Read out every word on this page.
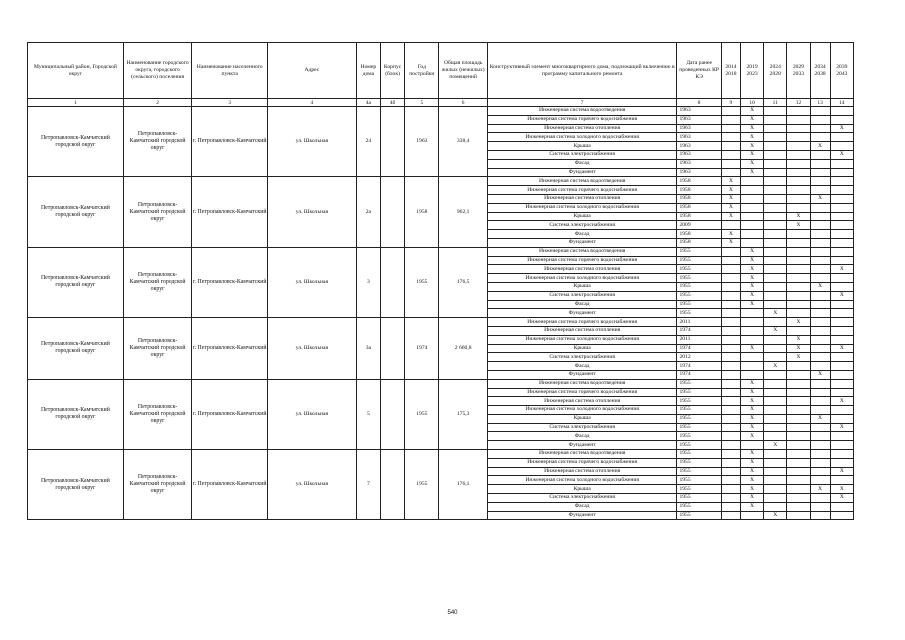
Муниципальный район, Городской округ	Наименование городского округа, городского (сельского) поселения	Наименование населенного пункта	Адрес	Номер дома	Корпус (блок)	Год постройки	Общая площадь жилых (нежилых) помещений	Конструктивный элемент многоквартирного дома, подлежащий включению в программу капитального ремонта	Дата ранее проведенных КР КЭ	2014 2018	2019 2023	2024 2028	2029 2033	2034 2038	2039 2043
1	2	3	4	4а	4б	5	6	7	8	9	10	11	12	13	14
Петропавловск-Камчатский городской округ	Петропавловск-Камчатский городской округ	г. Петропавловск-Камчатский	ул. Школьная	24		1963	338,4	Инженерная система водоотведения	1963		X				
								Инженерная система горячего водоснабжения	1963		X				
								Инженерная система отопления	1963		X				X
								Инженерная система холодного водоснабжения	1963		X				
								Крыша	1963		X			X	
								Система электроснабжения	1963		X				X
								Фасад	1963		X				
								Фундамент	1963		X				
Петропавловск-Камчатский городской округ	Петропавловск-Камчатский городской округ	г. Петропавловск-Камчатский	ул. Школьная	2а		1958	962,1	Инженерная система водоотведения	1958	X					
								Инженерная система горячего водоснабжения	1958	X					
								Инженерная система отопления	1958	X				X	
								Инженерная система холодного водоснабжения	1958	X					
								Крыша	1958	X			X		
								Система электроснабжения	2009				X		
								Фасад	1958	X					
								Фундамент	1958	X					
Петропавловск-Камчатский городской округ	Петропавловск-Камчатский городской округ	г. Петропавловск-Камчатский	ул. Школьная	3		1955	176,5	Инженерная система водоотведения	1955		X				
								Инженерная система горячего водоснабжения	1955		X				
								Инженерная система отопления	1955		X				X
								Инженерная система холодного водоснабжения	1955		X				
								Крыша	1955		X			X	
								Система электроснабжения	1955		X				X
								Фасад	1955		X				
								Фундамент	1955			X			
Петропавловск-Камчатский городской округ	Петропавловск-Камчатский городской округ	г. Петропавловск-Камчатский	ул. Школьная	3а		1974	2 660,8	Инженерная система горячего водоснабжения	2011				X		
								Инженерная система отопления	1974			X			
								Инженерная система холодного водоснабжения	2011				X		
								Крыша	1974		X		X		X
								Система электроснабжения	2012				X		
								Фасад	1974			X			
								Фундамент	1974					X	
Петропавловск-Камчатский городской округ	Петропавловск-Камчатский городской округ	г. Петропавловск-Камчатский	ул. Школьная	5		1955	175,3	Инженерная система водоотведения	1955		X				
								Инженерная система горячего водоснабжения	1955		X				
								Инженерная система отопления	1955		X				X
								Инженерная система холодного водоснабжения	1955		X				
								Крыша	1955		X			X	
								Система электроснабжения	1955		X				X
								Фасад	1955		X				
								Фундамент	1955			X			
Петропавловск-Камчатский городской округ	Петропавловск-Камчатский городской округ	г. Петропавловск-Камчатский	ул. Школьная	7		1955	176,1	Инженерная система водоотведения	1955		X				
								Инженерная система горячего водоснабжения	1955		X				
								Инженерная система отопления	1955		X				X
								Инженерная система холодного водоснабжения	1955		X				
								Крыша	1955		X			X	X
								Система электроснабжения	1955		X				X
								Фасад	1955		X				
								Фундамент	1955			X			
540
